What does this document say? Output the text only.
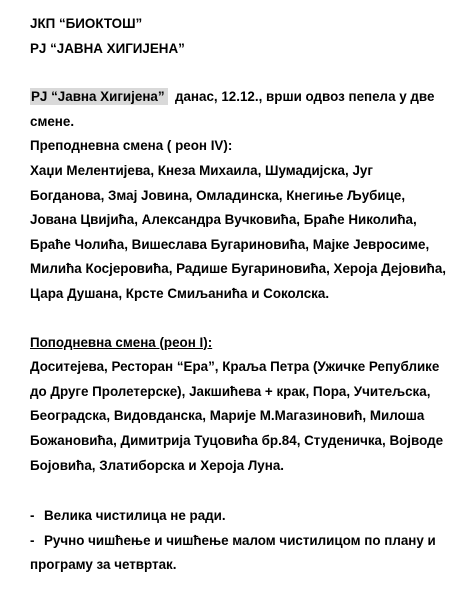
ЈКП “БИОКТОШ”
РЈ “ЈАВНА ХИГИЈЕНА”
РЈ “Јавна Хигијена”  данас, 12.12., врши одвоз пепела у две
смене.
Преподневна смена ( реон IV):
Хаџи Мелентијева, Кнеза Михаила, Шумадијска, Југ
Богданова, Змај Јовина, Омладинска, Кнегиње Љубице,
Јована Цвијића, Александра Вучковића, Браће Николића,
Браће Чолића, Вишеслава Бугариновића, Мајке Јевросиме,
Милића Косјеровића, Радише Бугариновића, Хероја Дејовића,
Цара Душана, Крсте Смиљанића и Соколска.
Поподневна смена (реон I):
Доситејева, Ресторан “Ера”, Краља Петра (Ужичке Републике
до Друге Пролетерске), Јакшићева + крак, Пора, Учитељска,
Београдска, Видовданска, Марије М.Магазиновић, Милоша
Божановића, Димитрија Туцовића бр.84, Студеничка, Војводе
Бојовића, Златиборска и Хероја Луна.
- Велика чистилица не ради.
- Ручно чишћење и чишћење малом чистилицом по плану и
програму за четвртак.
